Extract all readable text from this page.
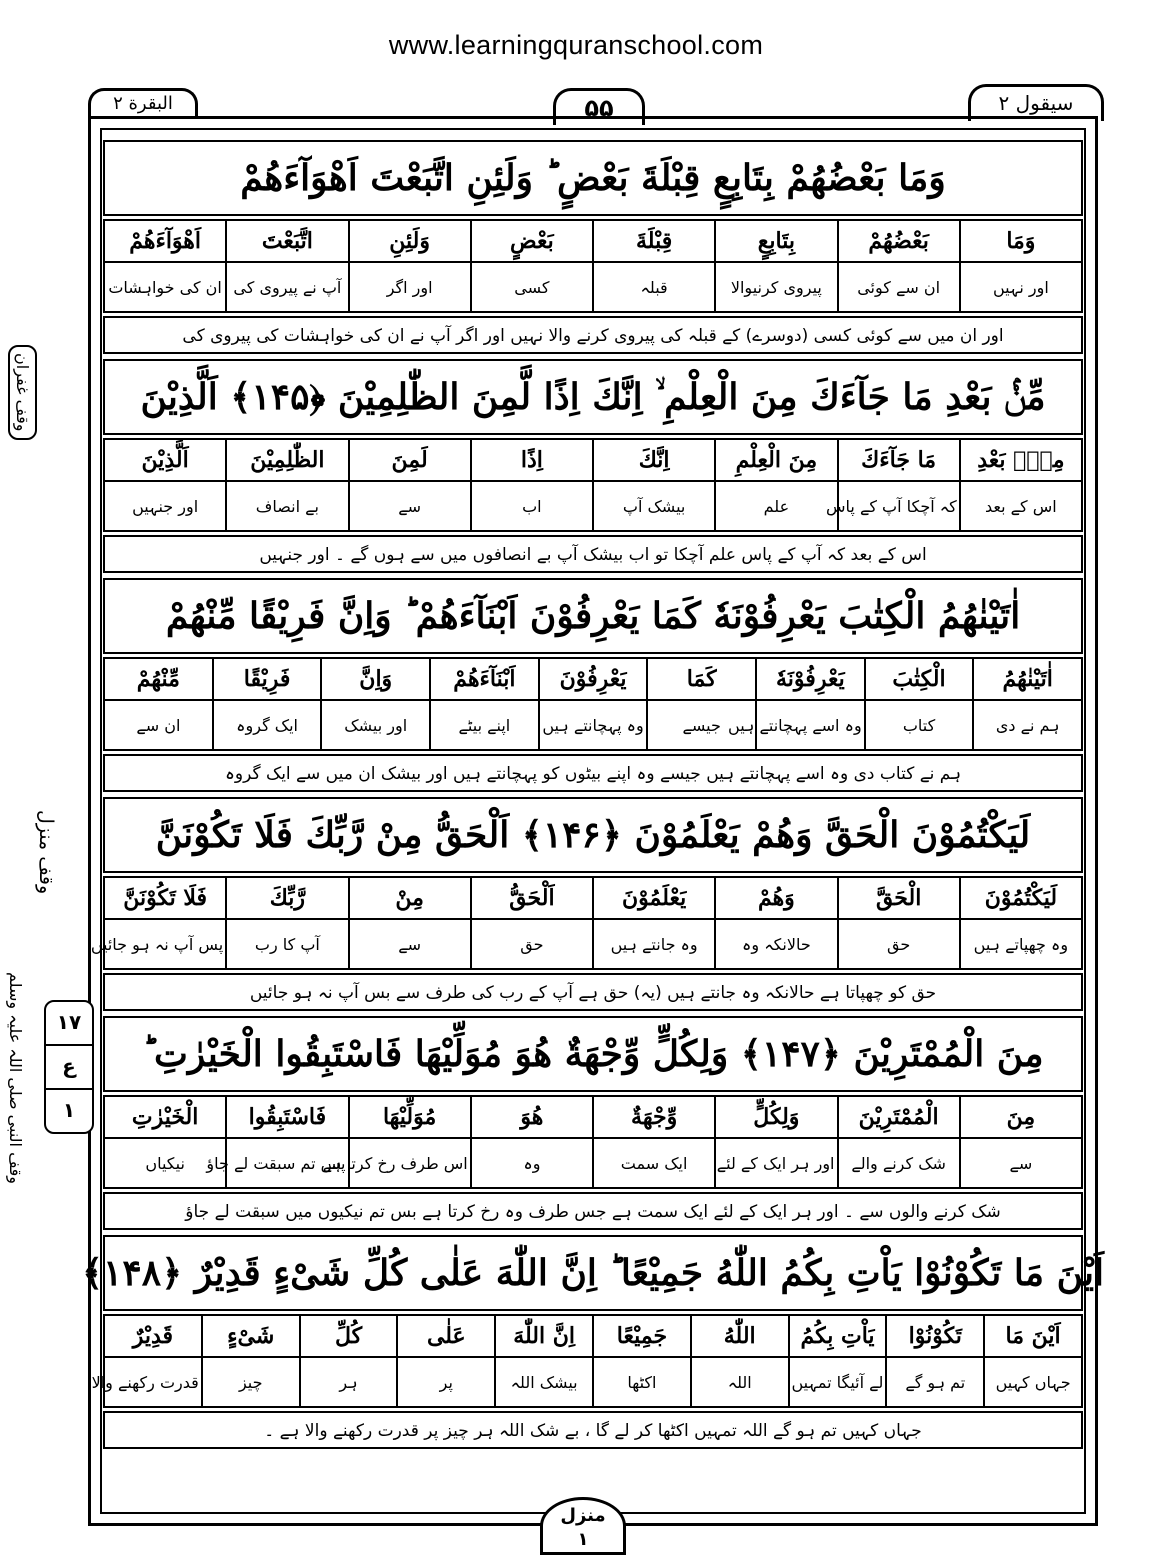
www.learningquranschool.com
البقرة ٢	۵۵	سیقول ۲
وقف غفران
وقف منزل
وقف النبی صلی اللہ علیہ وسلم	۱۷
ع
۱
وَمَا بَعْضُهُمْ بِتَابِعٍ قِبْلَةَ بَعْضٍ ؕ وَلَئِنِ اتَّبَعْتَ اَهْوَآءَهُمْ
وَمَا	بَعْضُهُمْ	بِتَابِعٍ	قِبْلَةَ	بَعْضٍ	وَلَئِنِ	اتَّبَعْتَ	اَهْوَآءَهُمْ
اور نہیں	ان سے کوئی	پیروی کرنیوالا	قبلہ	کسی	اور اگر	آپ نے پیروی کی	ان کی خواہشات
اور ان میں سے کوئی کسی (دوسرے) کے قبلہ کی پیروی کرنے والا نہیں اور اگر آپ نے ان کی خواہشات کی پیروی کی
مِّنْۢ بَعْدِ مَا جَآءَكَ مِنَ الْعِلْمِ ۙ اِنَّكَ اِذًا لَّمِنَ الظّٰلِمِيْنَ ﴿۱۴۵﴾ اَلَّذِيْنَ
مِنْۢ بَعْدِ	مَا جَآءَكَ	مِنَ الْعِلْمِ	اِنَّكَ	اِذًا	لَمِنَ	الظّٰلِمِيْنَ	اَلَّذِيْنَ
اس کے بعد	کہ آچکا آپ کے پاس	علم	بیشک آپ	اب	سے	بے انصاف	اور جنہیں
اس کے بعد کہ آپ کے پاس علم آچکا تو اب بیشک آپ بے انصافوں میں سے ہوں گے ۔ اور جنہیں
اٰتَيْنٰهُمُ الْكِتٰبَ يَعْرِفُوْنَهٗ كَمَا يَعْرِفُوْنَ اَبْنَآءَهُمْ ؕ وَاِنَّ فَرِيْقًا مِّنْهُمْ
اٰتَيْنٰهُمُ	الْكِتٰبَ	يَعْرِفُوْنَهٗ	كَمَا	يَعْرِفُوْنَ	اَبْنَآءَهُمْ	وَاِنَّ	فَرِيْقًا	مِّنْهُمْ
ہم نے دی	کتاب	وہ اسے پہچانتے ہیں	جیسے	وہ پہچانتے ہیں	اپنے بیٹے	اور بیشک	ایک گروہ	ان سے
ہم نے کتاب دی وہ اسے پہچانتے ہیں جیسے وہ اپنے بیٹوں کو پہچانتے ہیں اور بیشک ان میں سے ایک گروہ
لَيَكْتُمُوْنَ الْحَقَّ وَهُمْ يَعْلَمُوْنَ ﴿۱۴۶﴾ اَلْحَقُّ مِنْ رَّبِّكَ فَلَا تَكُوْنَنَّ
لَيَكْتُمُوْنَ	الْحَقَّ	وَهُمْ	يَعْلَمُوْنَ	اَلْحَقُّ	مِنْ	رَّبِّكَ	فَلَا تَكُوْنَنَّ
وہ چھپاتے ہیں	حق	حالانکہ وہ	وہ جانتے ہیں	حق	سے	آپ کا رب	پس آپ نہ ہو جائیں
حق کو چھپاتا ہے حالانکہ وہ جانتے ہیں (یہ) حق ہے آپ کے رب کی طرف سے بس آپ نہ ہو جائیں
مِنَ الْمُمْتَرِيْنَ ﴿۱۴۷﴾ وَلِكُلٍّ وِّجْهَةٌ هُوَ مُوَلِّيْهَا فَاسْتَبِقُوا الْخَيْرٰتِ ؕ
مِنَ	الْمُمْتَرِيْنَ	وَلِكُلٍّ	وِّجْهَةٌ	هُوَ	مُوَلِّيْهَا	فَاسْتَبِقُوا	الْخَيْرٰتِ
سے	شک کرنے والے	اور ہر ایک کے لئے	ایک سمت	وہ	اس طرف رخ کرتا ہے	پس تم سبقت لے جاؤ	نیکیاں
شک کرنے والوں سے ۔ اور ہر ایک کے لئے ایک سمت ہے جس طرف وہ رخ کرتا ہے بس تم نیکیوں میں سبقت لے جاؤ
اَيْنَ مَا تَكُوْنُوْا يَاْتِ بِكُمُ اللّٰهُ جَمِيْعًا ؕ اِنَّ اللّٰهَ عَلٰى كُلِّ شَىْءٍ قَدِيْرٌ ﴿۱۴۸﴾
اَيْنَ مَا	تَكُوْنُوْا	يَاْتِ بِكُمُ	اللّٰهُ	جَمِيْعًا	اِنَّ اللّٰهَ	عَلٰى	كُلِّ	شَىْءٍ	قَدِيْرٌ
جہاں کہیں	تم ہو گے	لے آئیگا تمہیں	اللہ	اکٹھا	بیشک اللہ	پر	ہر	چیز	قدرت رکھنے والا
جہاں کہیں تم ہو گے اللہ تمہیں اکٹھا کر لے گا ، بے شک اللہ ہر چیز پر قدرت رکھنے والا ہے ۔
منزل
۱
